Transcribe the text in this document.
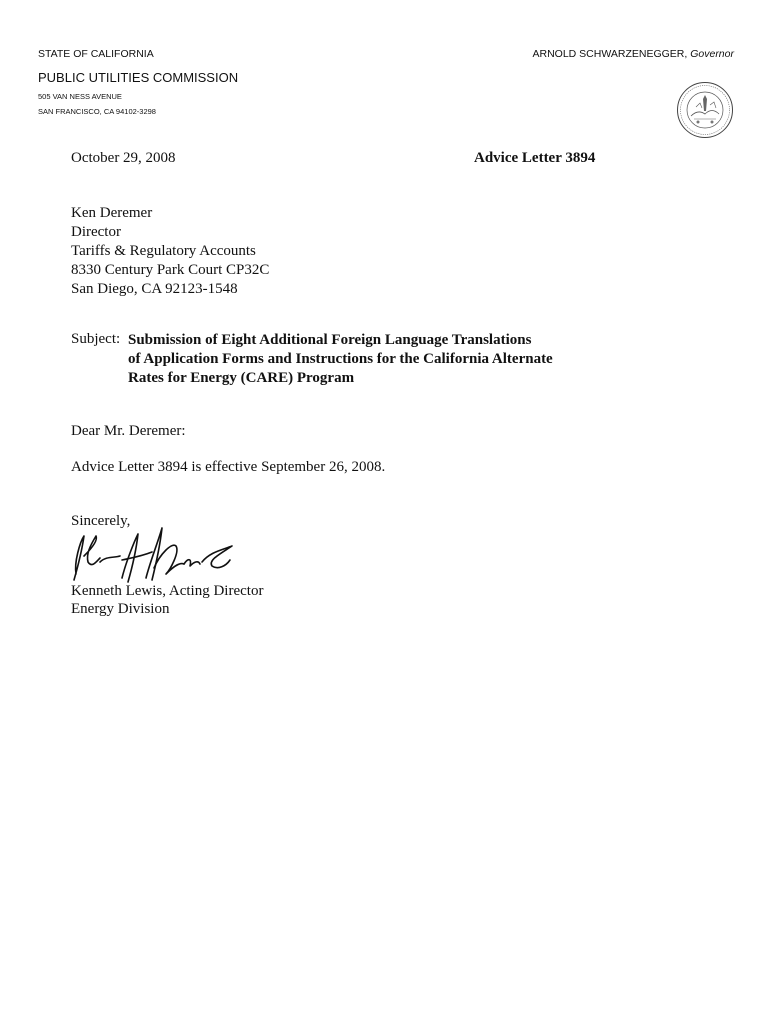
STATE OF CALIFORNIA	ARNOLD SCHWARZENEGGER, Governor
PUBLIC UTILITIES COMMISSION
505 VAN NESS AVENUE
SAN FRANCISCO, CA 94102-3298
October 29, 2008	Advice Letter 3894
Ken Deremer
Director
Tariffs & Regulatory Accounts
8330 Century Park Court CP32C
San Diego, CA 92123-1548
Subject: Submission of Eight Additional Foreign Language Translations
of Application Forms and Instructions for the California Alternate
Rates for Energy (CARE) Program
Dear Mr. Deremer:
Advice Letter 3894 is effective September 26, 2008.
Sincerely,
Kenneth Lewis, Acting Director
Energy Division
